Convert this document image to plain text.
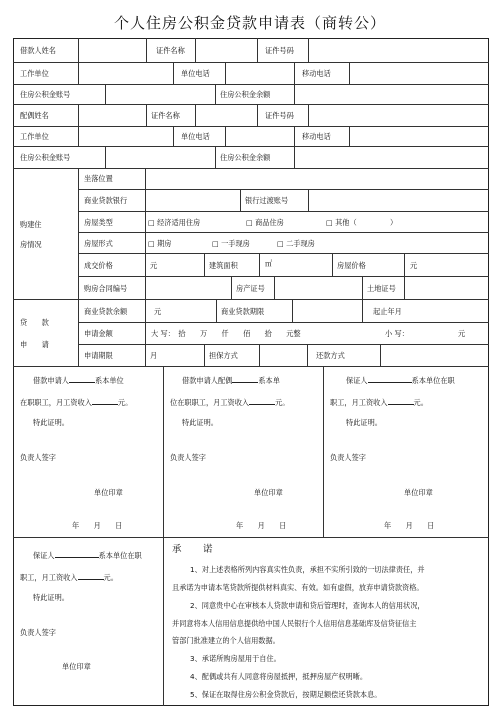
个人住房公积金贷款申请表（商转公）
借款人姓名	证件名称	证件号码
工作单位	单位电话	移动电话
住房公积金账号	住房公积金余额
配偶姓名	证件名称	证件号码
工作单位	单位电话	移动电话
住房公积金账号	住房公积金余额
购建住
房情况
坐落位置
商业贷款银行	银行过渡账号
房屋类型	□ 经济适用住房	□ 商品住房	□ 其他（	）
房屋形式	□ 期房	□ 一手现房	□ 二手现房
成交价格	元	建筑面积	㎡	房屋价格	元
购房合同编号	房产证号	土地证号
贷　　款
申　　请
商业贷款余额	元	商业贷款期限	起止年月
申请金额	大 写：　拾　　万　　仟　　佰　　拾　　元整	小 写：	元
申请期限	月	担保方式	还款方式
借款申请人	系本单位
在职职工，月工资收入	元。
特此证明。
负责人签字
单位印章
年　　月　　日
借款申请人配偶	系本单
位在职职工，月工资收入	元。
特此证明。
负责人签字
单位印章
年　　月　　日
保证人	系本单位在职
职工，月工资收入	元。
特此证明。
负责人签字
单位印章
年　　月　　日
保证人	系本单位在职
职工，月工资收入	元。
特此证明。
负责人签字
单位印章
承　诺
1、对上述表格所列内容真实性负责，承担不实所引致的一切法律责任，并
且承诺为申请本笔贷款所提供材料真实、有效。如有虚假，放弃申请贷款资格。
2、同意贵中心在审核本人贷款申请和贷后管理时，查询本人的信用状况，
并同意将本人信用信息提供给中国人民银行个人信用信息基础库及信贷征信主
管部门批准建立的个人信用数据。
3、承诺所购房屋用于自住。
4、配偶或共有人同意将房屋抵押，抵押房屋产权明晰。
5、保证在取得住房公积金贷款后，按期足额偿还贷款本息。
